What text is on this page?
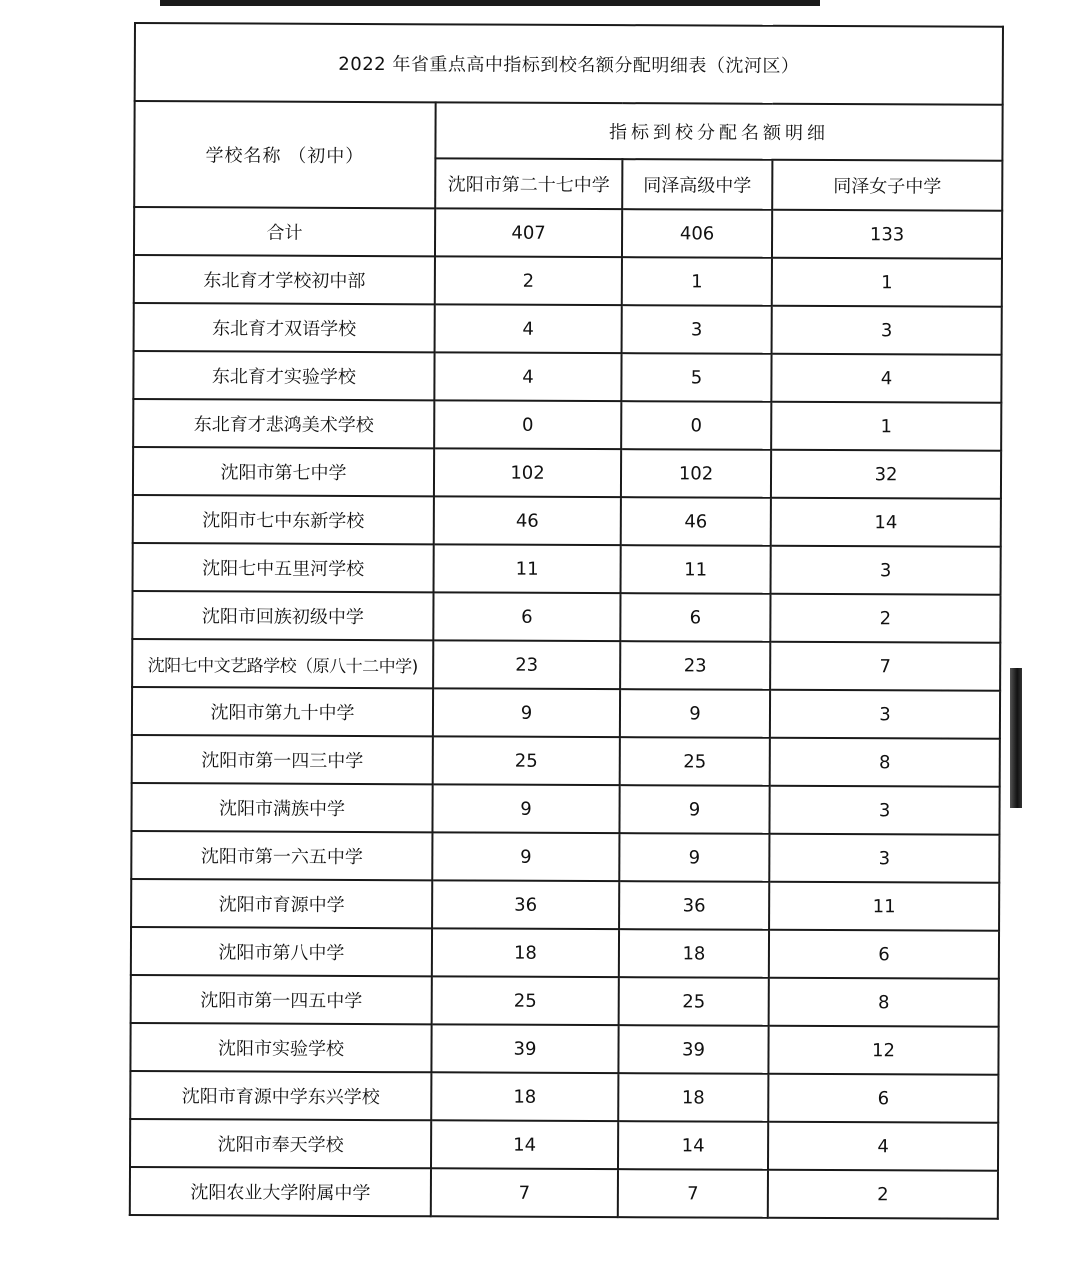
2022 年省重点高中指标到校名额分配明细表（沈河区）			
学校名称 （初中）	指标到校分配名额明细		
	沈阳市第二十七中学	同泽高级中学	同泽女子中学
合计	407	406	133
东北育才学校初中部	2	1	1
东北育才双语学校	4	3	3
东北育才实验学校	4	5	4
东北育才悲鸿美术学校	0	0	1
沈阳市第七中学	102	102	32
沈阳市七中东新学校	46	46	14
沈阳七中五里河学校	11	11	3
沈阳市回族初级中学	6	6	2
沈阳七中文艺路学校（原八十二中学)	23	23	7
沈阳市第九十中学	9	9	3
沈阳市第一四三中学	25	25	8
沈阳市满族中学	9	9	3
沈阳市第一六五中学	9	9	3
沈阳市育源中学	36	36	11
沈阳市第八中学	18	18	6
沈阳市第一四五中学	25	25	8
沈阳市实验学校	39	39	12
沈阳市育源中学东兴学校	18	18	6
沈阳市奉天学校	14	14	4
沈阳农业大学附属中学	7	7	2
